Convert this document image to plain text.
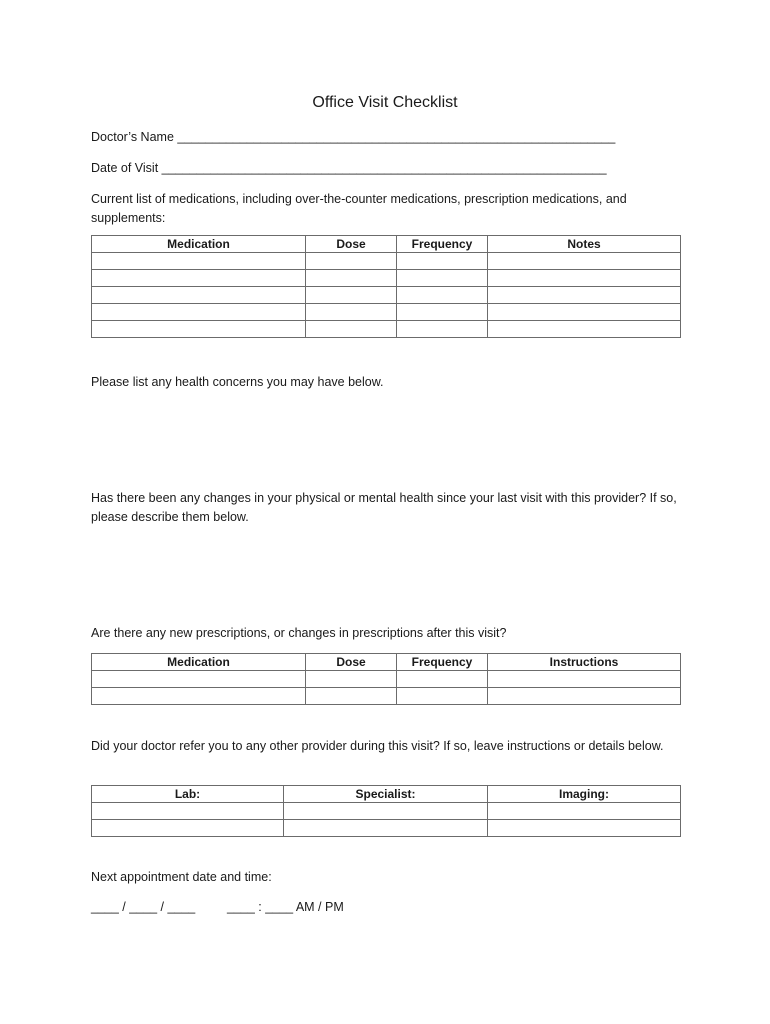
Office Visit Checklist
Doctor’s Name _______________________________________________________________
Date of Visit ________________________________________________________________
Current list of medications, including over-the-counter medications, prescription medications, and supplements:
Medication	Dose	Frequency	Notes

Please list any health concerns you may have below.
Has there been any changes in your physical or mental health since your last visit with this provider? If so, please describe them below.
Are there any new prescriptions, or changes in prescriptions after this visit?
Medication	Dose	Frequency	Instructions

Did your doctor refer you to any other provider during this visit? If so, leave instructions or details below.
Lab:	Specialist:	Imaging:

Next appointment date and time:
____ / ____ / ____	____ : ____ AM / PM
